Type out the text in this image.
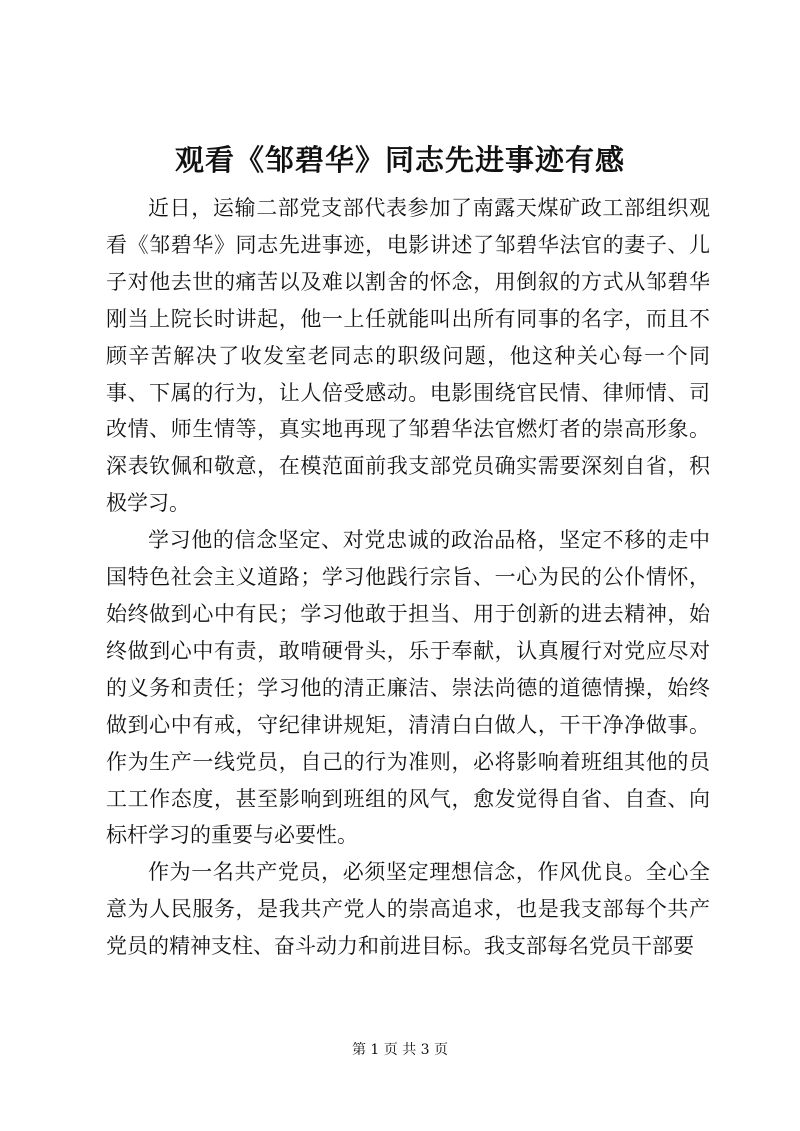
观看《邹碧华》同志先进事迹有感

近日，运输二部党支部代表参加了南露天煤矿政工部组织观看《邹碧华》同志先进事迹，电影讲述了邹碧华法官的妻子、儿子对他去世的痛苦以及难以割舍的怀念，用倒叙的方式从邹碧华刚当上院长时讲起，他一上任就能叫出所有同事的名字，而且不顾辛苦解决了收发室老同志的职级问题，他这种关心每一个同事、下属的行为，让人倍受感动。电影围绕官民情、律师情、司改情、师生情等，真实地再现了邹碧华法官燃灯者的崇高形象。深表钦佩和敬意，在模范面前我支部党员确实需要深刻自省，积极学习。

学习他的信念坚定、对党忠诚的政治品格，坚定不移的走中国特色社会主义道路；学习他践行宗旨、一心为民的公仆情怀，始终做到心中有民；学习他敢于担当、用于创新的进去精神，始终做到心中有责，敢啃硬骨头，乐于奉献，认真履行对党应尽对的义务和责任；学习他的清正廉洁、崇法尚德的道德情操，始终做到心中有戒，守纪律讲规矩，清清白白做人，干干净净做事。作为生产一线党员，自己的行为准则，必将影响着班组其他的员工工作态度，甚至影响到班组的风气，愈发觉得自省、自查、向标杆学习的重要与必要性。

作为一名共产党员，必须坚定理想信念，作风优良。全心全意为人民服务，是我共产党人的崇高追求，也是我支部每个共产党员的精神支柱、奋斗动力和前进目标。我支部每名党员干部要

第 1 页 共 3 页
